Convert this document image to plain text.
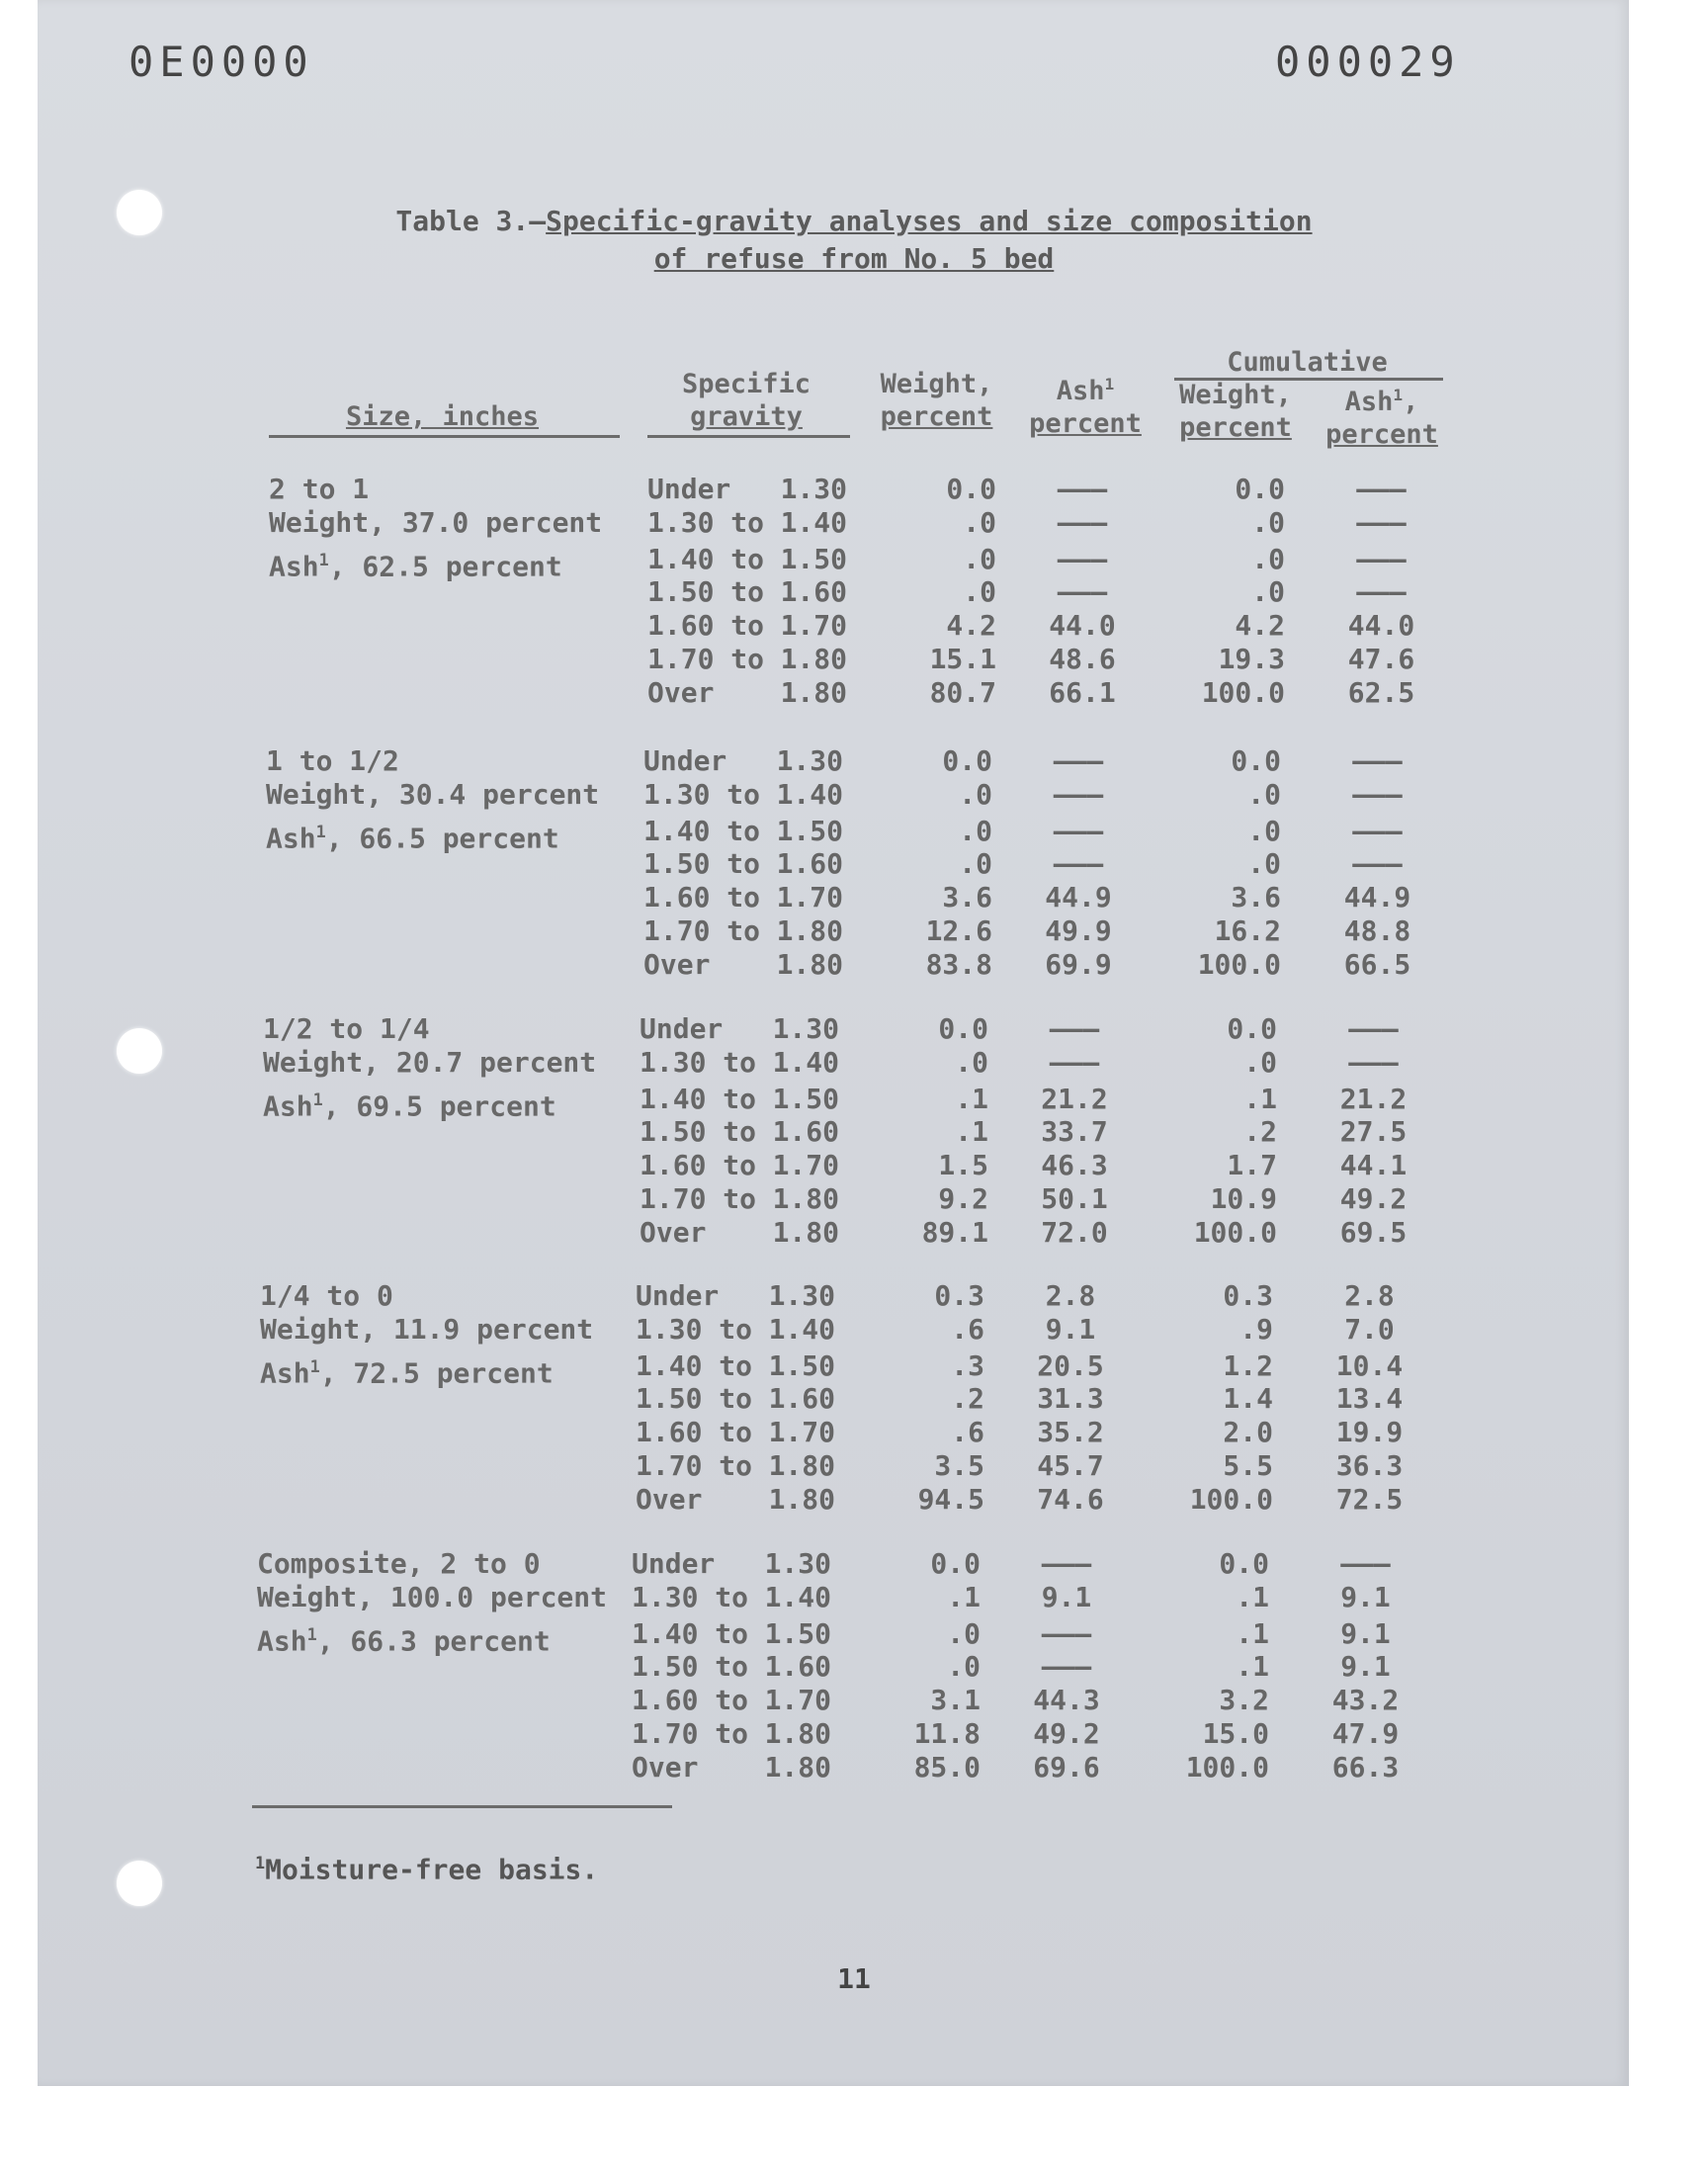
0E0000	000029
Table 3.—Specific-gravity analyses and size composition
of refuse from No. 5 bed
Size, inches
Specific
gravity
Weight,
percent
Ash$^1$
percent
Cumulative
Weight,
percent
Ash$^1$,
percent
2 to 1
Weight, 37.0 percent
Ash$^1$, 62.5 percent
Under	1.30	0.0	———	0.0	———
1.30 to 1.40	.0	———	.0	———
1.40 to 1.50	.0	———	.0	———
1.50 to 1.60	.0	———	.0	———
1.60 to 1.70	4.2	44.0	4.2	44.0
1.70 to 1.80	15.1	48.6	19.3	47.6
Over	1.80	80.7	66.1	100.0	62.5
1 to 1/2
Weight, 30.4 percent
Ash$^1$, 66.5 percent
Under	1.30	0.0	———	0.0	———
1.30 to 1.40	.0	———	.0	———
1.40 to 1.50	.0	———	.0	———
1.50 to 1.60	.0	———	.0	———
1.60 to 1.70	3.6	44.9	3.6	44.9
1.70 to 1.80	12.6	49.9	16.2	48.8
Over	1.80	83.8	69.9	100.0	66.5
1/2 to 1/4
Weight, 20.7 percent
Ash$^1$, 69.5 percent
Under	1.30	0.0	———	0.0	———
1.30 to 1.40	.0	———	.0	———
1.40 to 1.50	.1	21.2	.1	21.2
1.50 to 1.60	.1	33.7	.2	27.5
1.60 to 1.70	1.5	46.3	1.7	44.1
1.70 to 1.80	9.2	50.1	10.9	49.2
Over	1.80	89.1	72.0	100.0	69.5
1/4 to 0
Weight, 11.9 percent
Ash$^1$, 72.5 percent
Under	1.30	0.3	2.8	0.3	2.8
1.30 to 1.40	.6	9.1	.9	7.0
1.40 to 1.50	.3	20.5	1.2	10.4
1.50 to 1.60	.2	31.3	1.4	13.4
1.60 to 1.70	.6	35.2	2.0	19.9
1.70 to 1.80	3.5	45.7	5.5	36.3
Over	1.80	94.5	74.6	100.0	72.5
Composite, 2 to 0
Weight, 100.0 percent
Ash$^1$, 66.3 percent
Under	1.30	0.0	———	0.0	———
1.30 to 1.40	.1	9.1	.1	9.1
1.40 to 1.50	.0	———	.1	9.1
1.50 to 1.60	.0	———	.1	9.1
1.60 to 1.70	3.1	44.3	3.2	43.2
1.70 to 1.80	11.8	49.2	15.0	47.9
Over	1.80	85.0	69.6	100.0	66.3
$^1$Moisture-free basis.
11
